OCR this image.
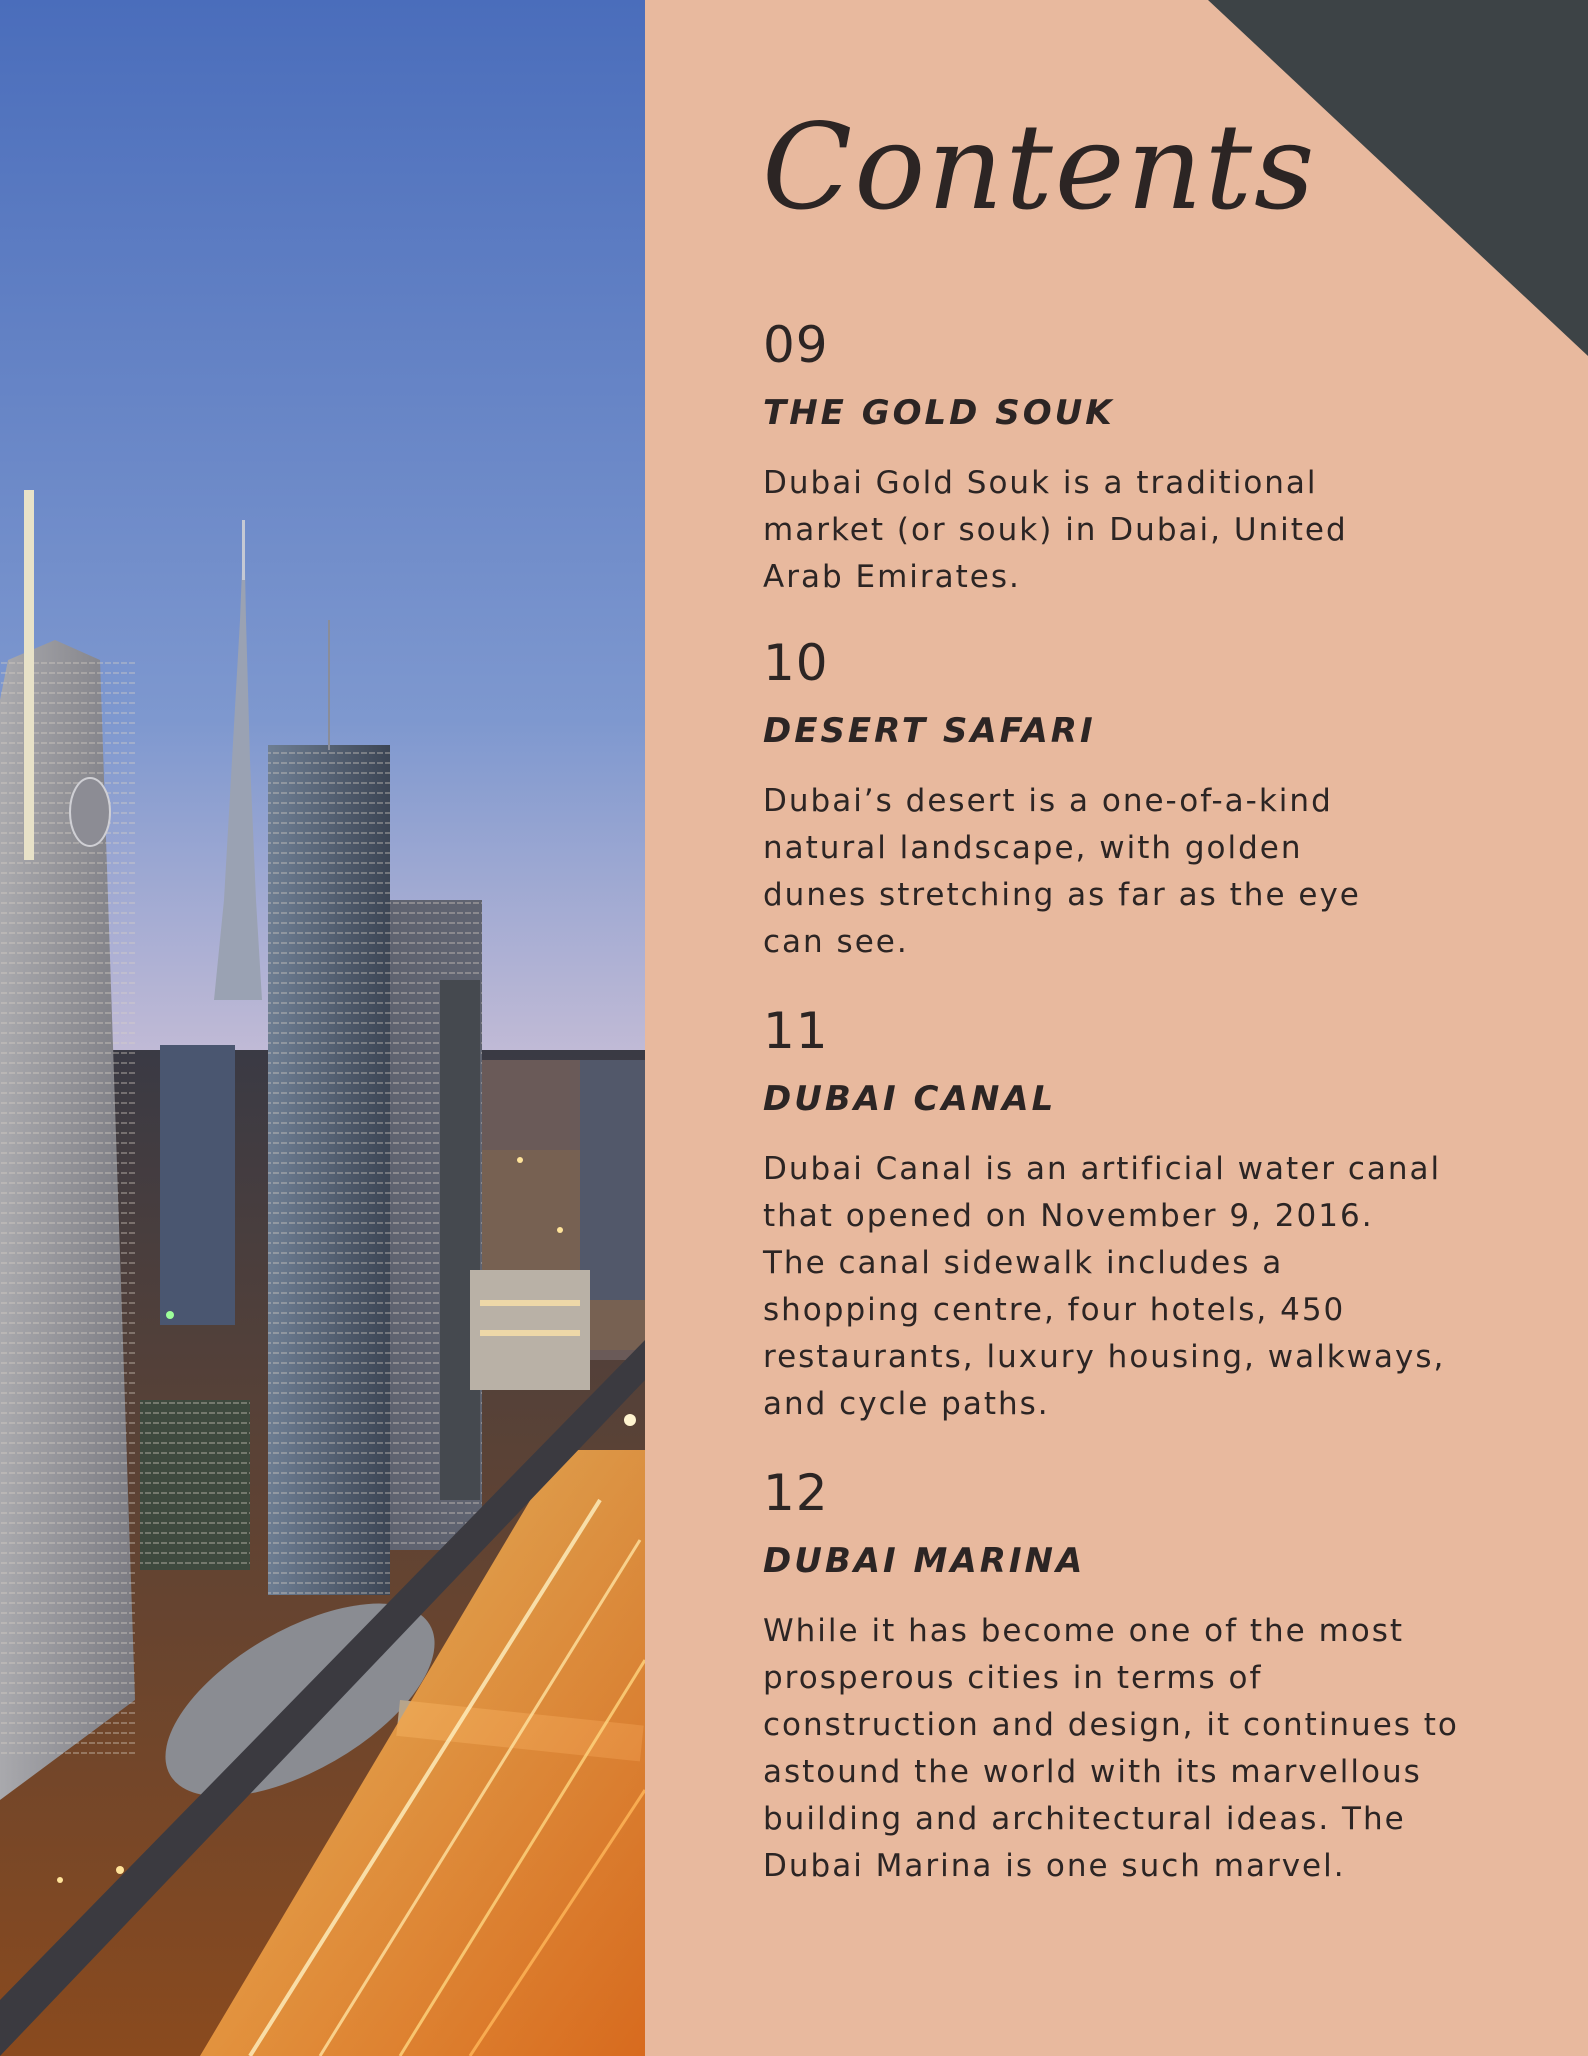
Contents
09
THE GOLD SOUK
Dubai Gold Souk is a traditional
market (or souk) in Dubai, United
Arab Emirates.
10
DESERT SAFARI
Dubai’s desert is a one-of-a-kind
natural landscape, with golden
dunes stretching as far as the eye
can see.
11
DUBAI CANAL
Dubai Canal is an artificial water canal
that opened on November 9, 2016.
The canal sidewalk includes a
shopping centre, four hotels, 450
restaurants, luxury housing, walkways,
and cycle paths.
12
DUBAI MARINA
While it has become one of the most
prosperous cities in terms of
construction and design, it continues to
astound the world with its marvellous
building and architectural ideas. The
Dubai Marina is one such marvel.
